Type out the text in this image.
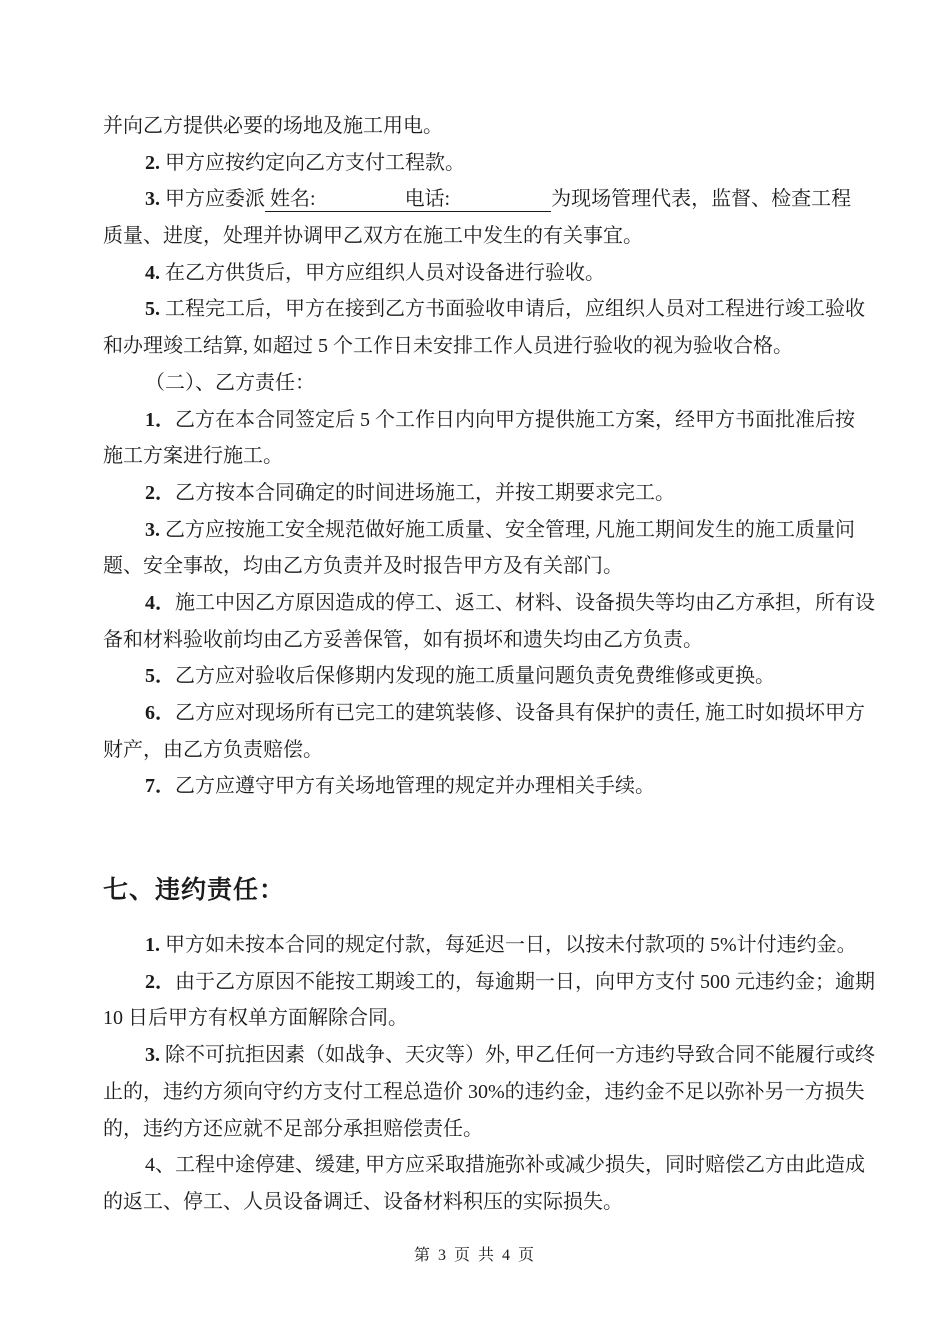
并向乙方提供必要的场地及施工用电。
2. 甲方应按约定向乙方支付工程款。
3. 甲方应委派 姓名:	电话:	为现场管理代表，监督、检查工程
质量、进度，处理并协调甲乙双方在施工中发生的有关事宜。
4. 在乙方供货后，甲方应组织人员对设备进行验收。
5. 工程完工后，甲方在接到乙方书面验收申请后，应组织人员对工程进行竣工验收
和办理竣工结算, 如超过 5 个工作日未安排工作人员进行验收的视为验收合格。
（二）、乙方责任：
1．乙方在本合同签定后 5 个工作日内向甲方提供施工方案，经甲方书面批准后按
施工方案进行施工。
2．乙方按本合同确定的时间进场施工，并按工期要求完工。
3. 乙方应按施工安全规范做好施工质量、安全管理, 凡施工期间发生的施工质量问
题、安全事故，均由乙方负责并及时报告甲方及有关部门。
4．施工中因乙方原因造成的停工、返工、材料、设备损失等均由乙方承担，所有设
备和材料验收前均由乙方妥善保管，如有损坏和遗失均由乙方负责。
5．乙方应对验收后保修期内发现的施工质量问题负责免费维修或更换。
6．乙方应对现场所有已完工的建筑装修、设备具有保护的责任, 施工时如损坏甲方
财产，由乙方负责赔偿。
7．乙方应遵守甲方有关场地管理的规定并办理相关手续。
七、违约责任：
1. 甲方如未按本合同的规定付款，每延迟一日，以按未付款项的 5%计付违约金。
2．由于乙方原因不能按工期竣工的，每逾期一日，向甲方支付 500 元违约金；逾期
10 日后甲方有权单方面解除合同。
3. 除不可抗拒因素（如战争、天灾等）外, 甲乙任何一方违约导致合同不能履行或终
止的，违约方须向守约方支付工程总造价 30%的违约金，违约金不足以弥补另一方损失
的，违约方还应就不足部分承担赔偿责任。
4、工程中途停建、缓建, 甲方应采取措施弥补或减少损失，同时赔偿乙方由此造成
的返工、停工、人员设备调迁、设备材料积压的实际损失。
第 3 页 共 4 页
